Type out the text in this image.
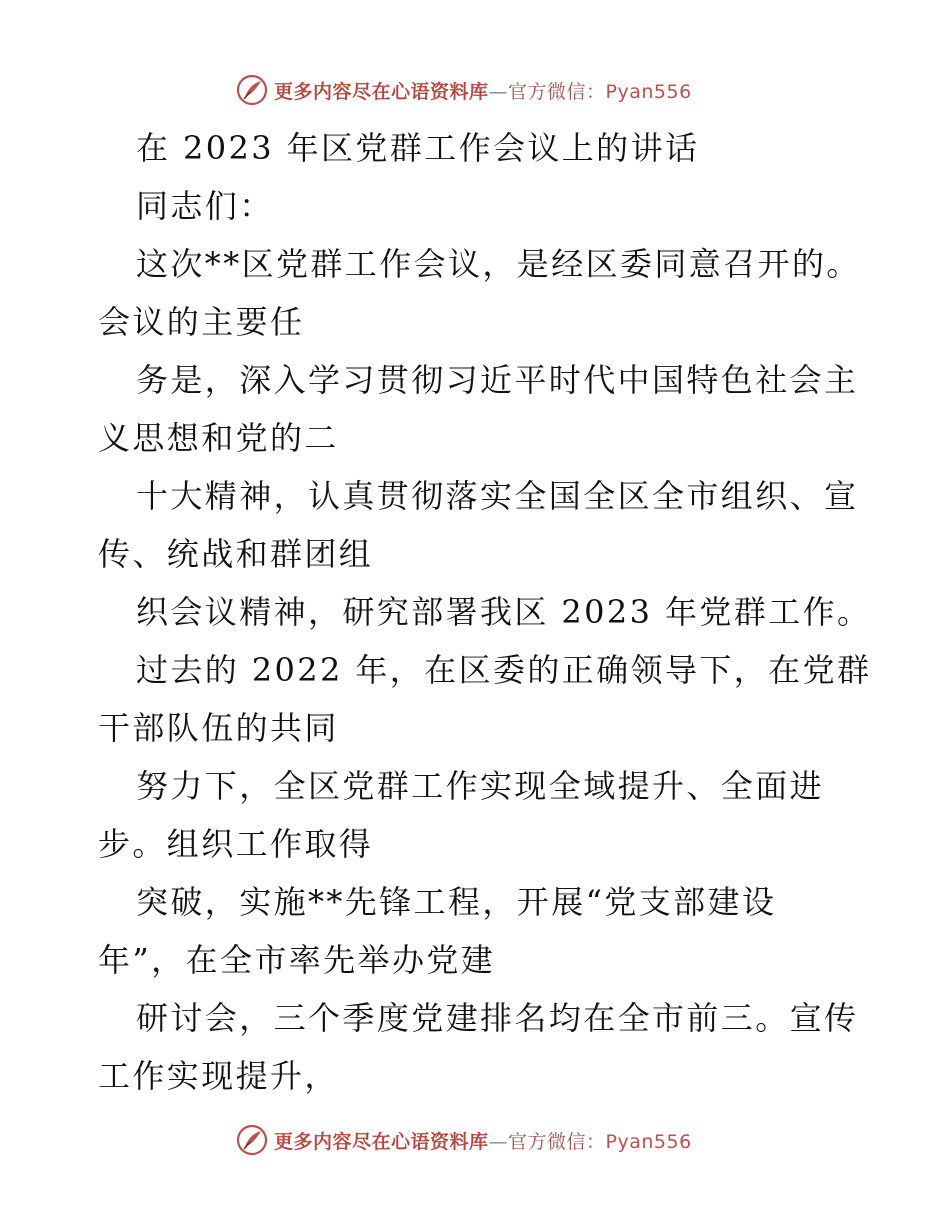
更多内容尽在心语资料库—官方微信：Pyan556

在 2023 年区党群工作会议上的讲话

同志们：

这次**区党群工作会议，是经区委同意召开的。

会议的主要任

务是，深入学习贯彻习近平时代中国特色社会主

义思想和党的二

十大精神，认真贯彻落实全国全区全市组织、宣

传、统战和群团组

织会议精神，研究部署我区 2023 年党群工作。

过去的 2022 年，在区委的正确领导下，在党群

干部队伍的共同

努力下，全区党群工作实现全域提升、全面进

步。组织工作取得

突破，实施**先锋工程，开展“党支部建设

年”，在全市率先举办党建

研讨会，三个季度党建排名均在全市前三。宣传

工作实现提升，

更多内容尽在心语资料库—官方微信：Pyan556
